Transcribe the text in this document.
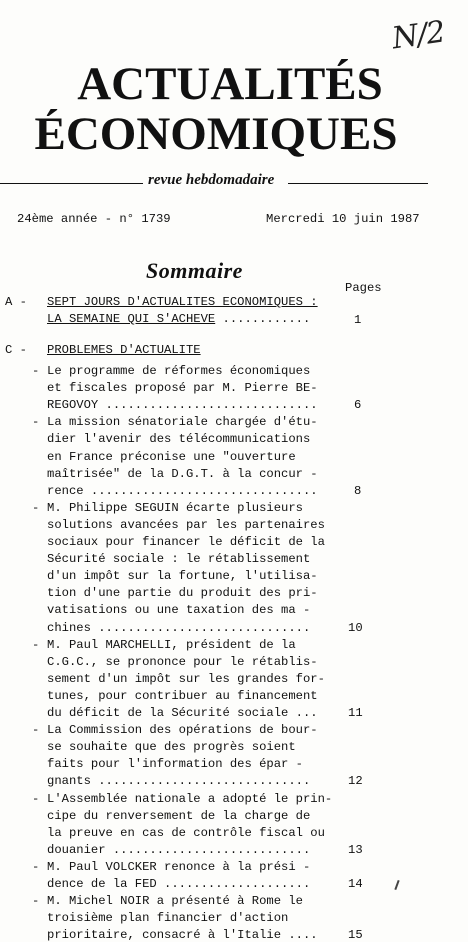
N/2
ACTUALITÉS
ÉCONOMIQUES
revue hebdomadaire
24ème année - n° 1739	Mercredi 10 juin 1987
Sommaire
Pages
A - SEPT JOURS D'ACTUALITES ECONOMIQUES :
LA SEMAINE QUI S'ACHEVE ............	1
C - PROBLEMES D'ACTUALITE
- Le programme de réformes économiques
et fiscales proposé par M. Pierre BE-
REGOVOY .............................	6
- La mission sénatoriale chargée d'étu-
dier l'avenir des télécommunications
en France préconise une "ouverture
maîtrisée" de la D.G.T. à la concur -
rence ...............................	8
- M. Philippe SEGUIN écarte plusieurs
solutions avancées par les partenaires
sociaux pour financer le déficit de la
Sécurité sociale : le rétablissement
d'un impôt sur la fortune, l'utilisa-
tion d'une partie du produit des pri-
vatisations ou une taxation des ma -
chines .............................	10
- M. Paul MARCHELLI, président de la
C.G.C., se prononce pour le rétablis-
sement d'un impôt sur les grandes for-
tunes, pour contribuer au financement
du déficit de la Sécurité sociale ... 11
- La Commission des opérations de bour-
se souhaite que des progrès soient
faits pour l'information des épar -
gnants .............................	12
- L'Assemblée nationale a adopté le prin-
cipe du renversement de la charge de
la preuve en cas de contrôle fiscal ou
douanier ...........................	13
- M. Paul VOLCKER renonce à la prési -
dence de la FED ....................	14
- M. Michel NOIR a présenté à Rome le
troisième plan financier d'action
prioritaire, consacré à l'Italie .... 15
